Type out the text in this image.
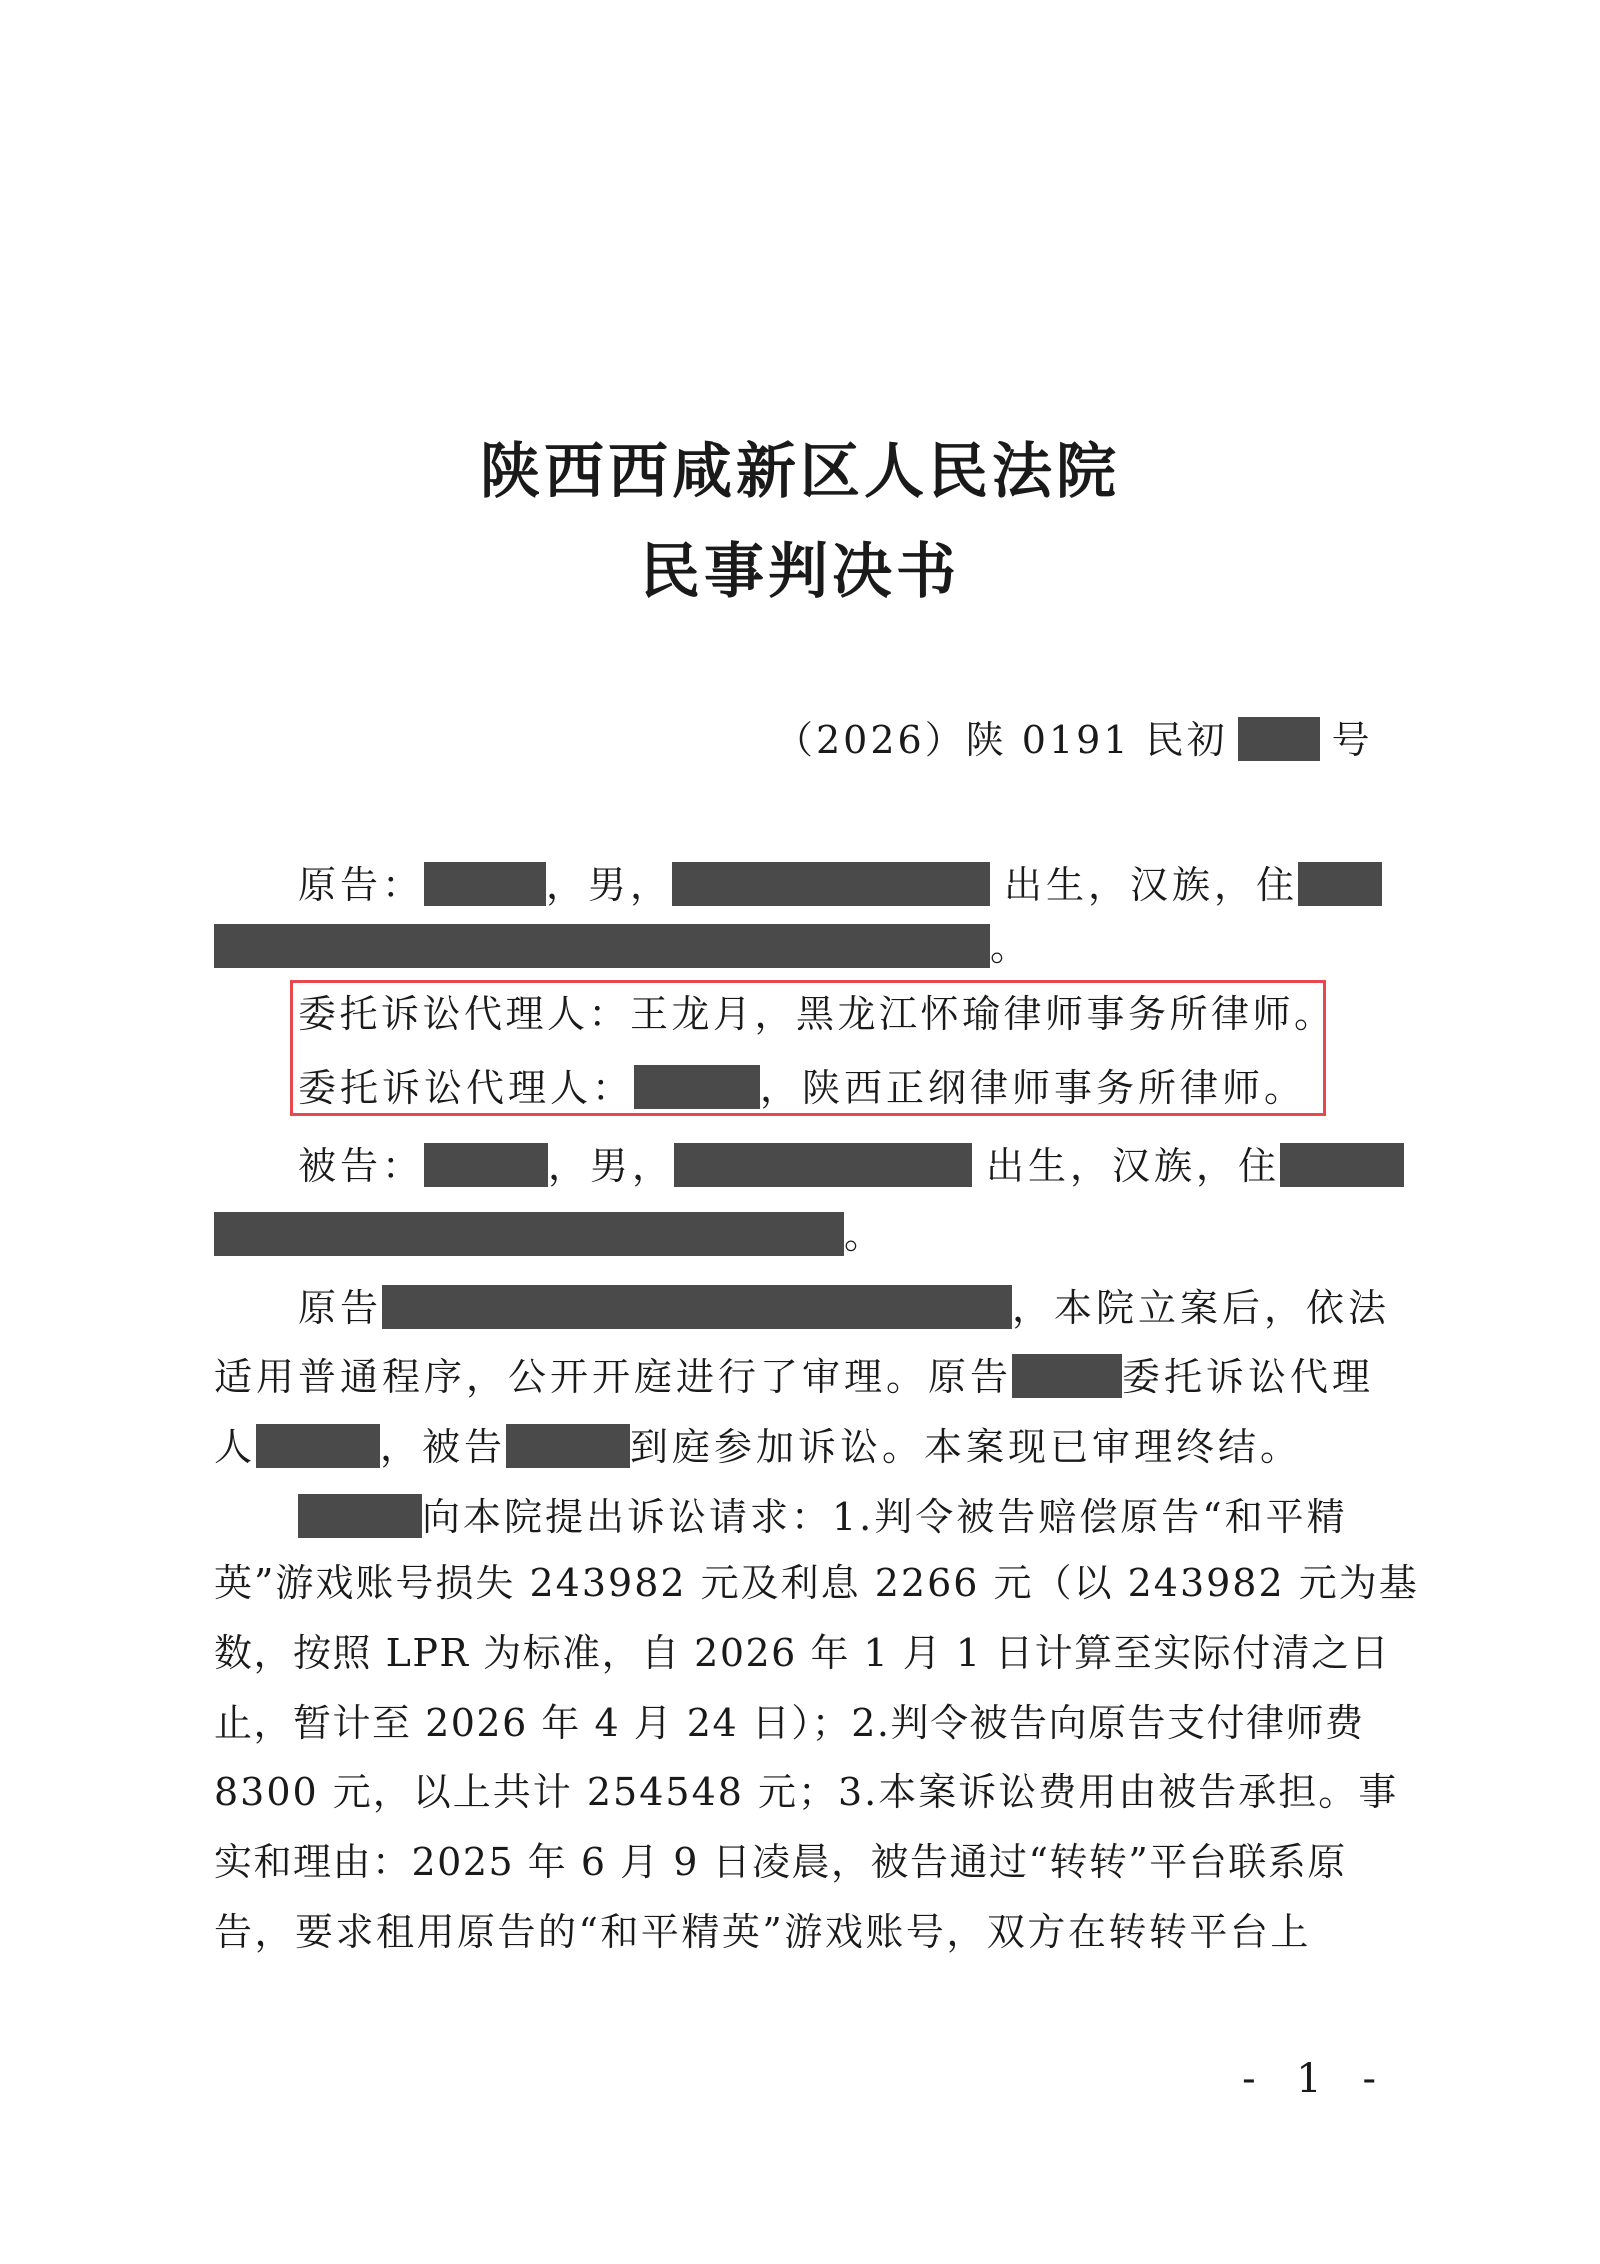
陕西西咸新区人民法院
民事判决书
（2026）陕 0191 民初	号
原告：	，男，	出生，汉族，住
。
委托诉讼代理人：王龙月，黑龙江怀瑜律师事务所律师。
委托诉讼代理人：	，陕西正纲律师事务所律师。
被告：	，男，	出生，汉族，住
。
原告	，本院立案后，依法
适用普通程序，公开开庭进行了审理。原告	委托诉讼代理
人	，被告	到庭参加诉讼。本案现已审理终结。
向本院提出诉讼请求：1.判令被告赔偿原告“和平精
英”游戏账号损失 243982 元及利息 2266 元（以 243982 元为基
数，按照 LPR 为标准，自 2026 年 1 月 1 日计算至实际付清之日
止，暂计至 2026 年 4 月 24 日）；2.判令被告向原告支付律师费
8300 元，以上共计 254548 元；3.本案诉讼费用由被告承担。事
实和理由：2025 年 6 月 9 日凌晨，被告通过“转转”平台联系原
告，要求租用原告的“和平精英”游戏账号，双方在转转平台上
- 1 -
